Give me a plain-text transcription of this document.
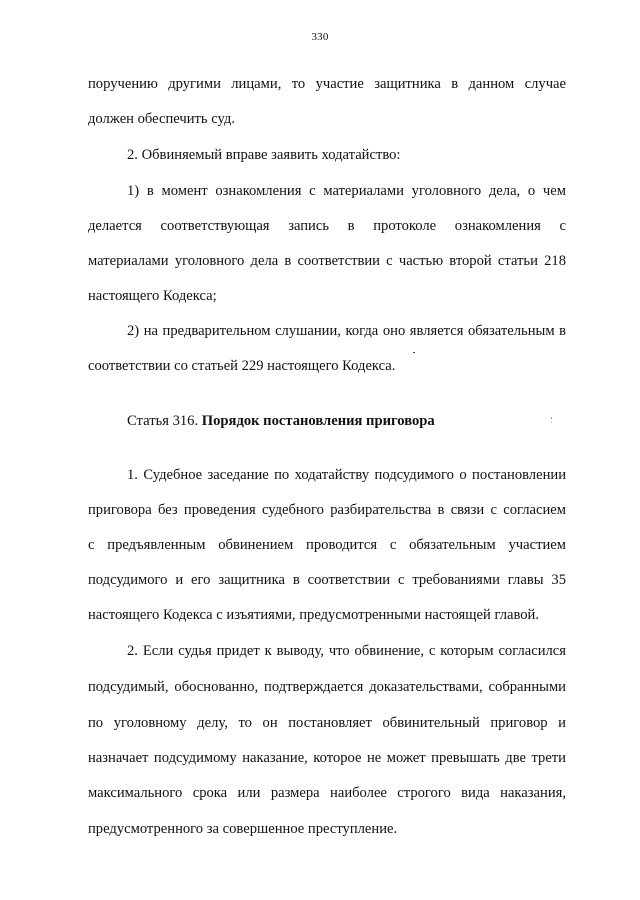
330
поручению другими лицами, то участие защитника в данном случае
должен обеспечить суд.
2. Обвиняемый вправе заявить ходатайство:
1) в момент ознакомления с материалами уголовного дела, о чем
делается соответствующая запись в протоколе ознакомления с
материалами уголовного дела в соответствии с частью второй статьи 218
настоящего Кодекса;
2) на предварительном слушании, когда оно является обязательным в
соответствии со статьей 229 настоящего Кодекса.
Статья 316. Порядок постановления приговора
1. Судебное заседание по ходатайству подсудимого о постановлении
приговора без проведения судебного разбирательства в связи с согласием
с предъявленным обвинением проводится с обязательным участием
подсудимого и его защитника в соответствии с требованиями главы 35
настоящего Кодекса с изъятиями, предусмотренными настоящей главой.
2. Если судья придет к выводу, что обвинение, с которым согласился
подсудимый, обоснованно, подтверждается доказательствами, собранными
по уголовному делу, то он постановляет обвинительный приговор и
назначает подсудимому наказание, которое не может превышать две трети
максимального срока или размера наиболее строгого вида наказания,
предусмотренного за совершенное преступление.
